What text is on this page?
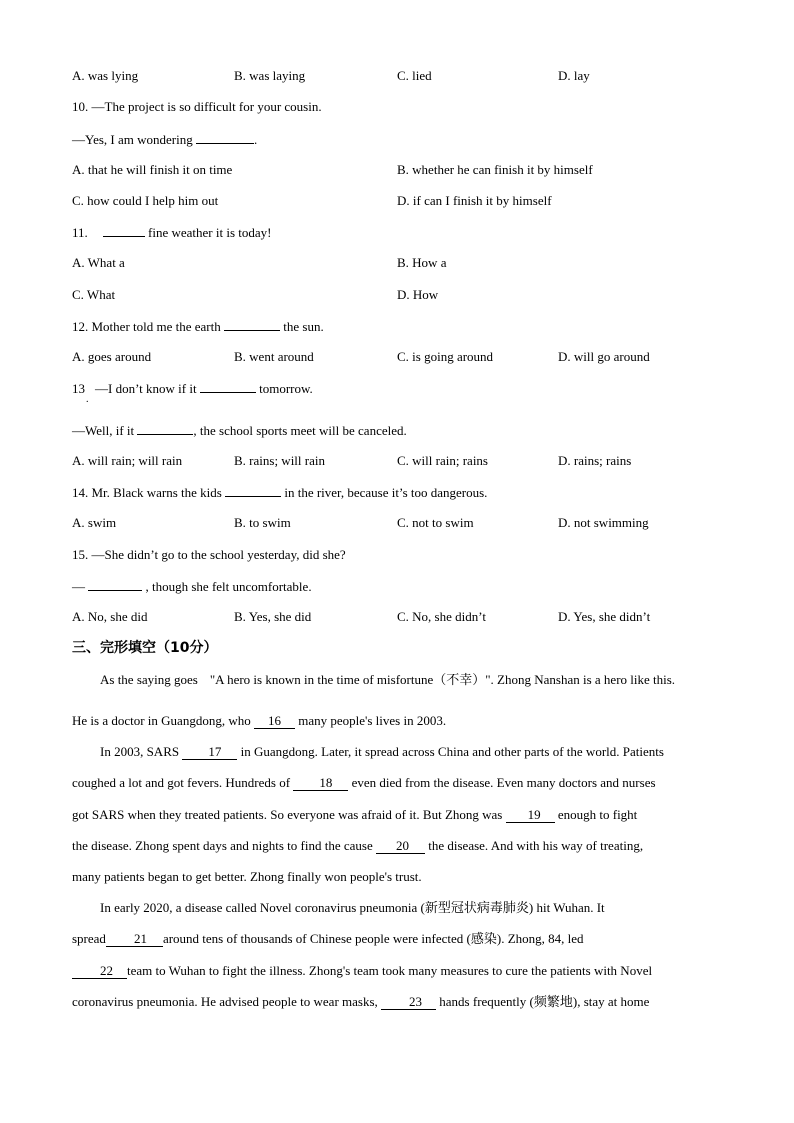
A. was lying	B. was laying	C. lied	D. lay
10. —The project is so difficult for your cousin.
—Yes, I am wondering	.
A. that he will finish it on time	B. whether he can finish it by himself
C. how could I help him out	D. if can I finish it by himself
11.	fine weather it is today!
A. What a	B. How a
C. What	D. How
12. Mother told me the earth	the sun.
A. goes around	B. went around	C. is going around	D. will go around
13 —I don’t know if it	tomorrow.
.
—Well, if it	, the school sports meet will be canceled.
A. will rain; will rain	B. rains; will rain	C. will rain; rains	D. rains; rains
14. Mr. Black warns the kids	in the river, because it’s too dangerous.
A. swim	B. to swim	C. not to swim	D. not swimming
15. —She didn’t go to the school yesterday, did she?
—	, though she felt uncomfortable.
A. No, she did	B. Yes, she did	C. No, she didn’t	D. Yes, she didn’t
三、完形填空（10分）
As the saying goes "A hero is known in the time of misfortune（不幸）". Zhong Nanshan is a hero like this.
He is a doctor in Guangdong, who 16 many people's lives in 2003.
In 2003, SARS 17 in Guangdong. Later, it spread across China and other parts of the world. Patients
coughed a lot and got fevers. Hundreds of 18 even died from the disease. Even many doctors and nurses
got SARS when they treated patients. So everyone was afraid of it. But Zhong was 19 enough to fight
the disease. Zhong spent days and nights to find the cause 20 the disease. And with his way of treating,
many patients began to get better. Zhong finally won people's trust.
In early 2020, a disease called Novel coronavirus pneumonia (新型冠状病毒肺炎) hit Wuhan. It
spread 21 around tens of thousands of Chinese people were infected (感染). Zhong, 84, led
22 team to Wuhan to fight the illness. Zhong's team took many measures to cure the patients with Novel
coronavirus pneumonia. He advised people to wear masks, 23 hands frequently (频繁地), stay at home
